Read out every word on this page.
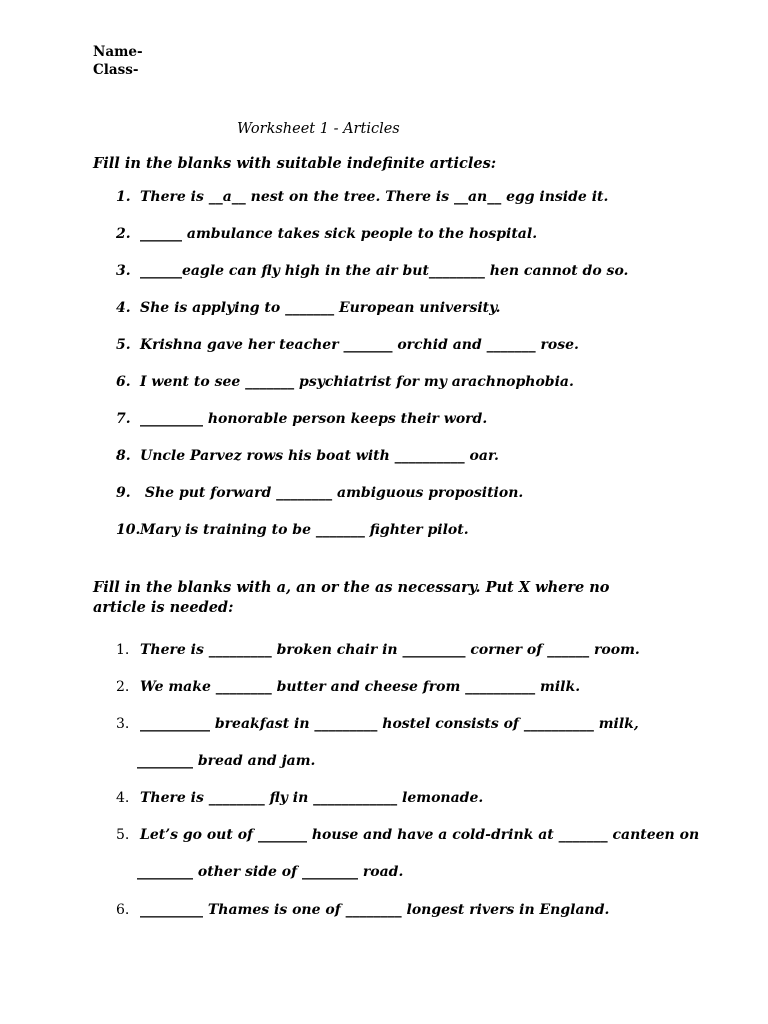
Name-
Class-
Worksheet 1 - Articles
Fill in the blanks with suitable indefinite articles:
1. There is __a__ nest on the tree. There is __an__ egg inside it.
2. ______ ambulance takes sick people to the hospital.
3. ______eagle can fly high in the air but________ hen cannot do so.
4. She is applying to _______ European university.
5. Krishna gave her teacher _______ orchid and _______ rose.
6. I went to see _______ psychiatrist for my arachnophobia.
7. _________ honorable person keeps their word.
8. Uncle Parvez rows his boat with __________ oar.
9. She put forward ________ ambiguous proposition.
10.Mary is training to be _______ fighter pilot.
Fill in the blanks with a, an or the as necessary. Put X where no article is needed:
1. There is _________ broken chair in _________ corner of ______ room.
2. We make ________ butter and cheese from __________ milk.
3. __________ breakfast in _________ hostel consists of __________ milk,
________ bread and jam.
4. There is ________ fly in ____________ lemonade.
5. Let’s go out of _______ house and have a cold-drink at _______ canteen on
________ other side of ________ road.
6. _________ Thames is one of ________ longest rivers in England.
